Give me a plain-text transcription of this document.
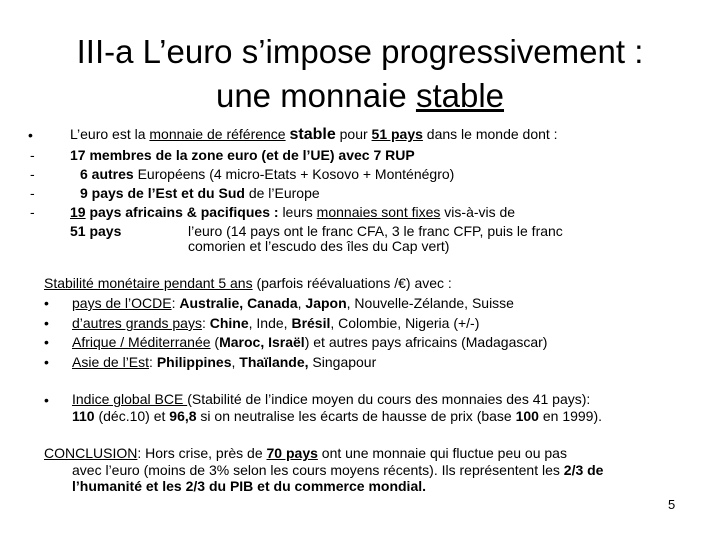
III-a L’euro s’impose progressivement :
une monnaie stable
•	L’euro est la monnaie de référence stable pour 51 pays dans le monde dont :
-	17 membres de la zone euro (et de l’UE) avec 7 RUP
-	6 autres Européens (4 micro-Etats + Kosovo + Monténégro)
-	9 pays de l’Est et du Sud de l’Europe
-	19 pays africains & pacifiques : leurs monnaies sont fixes vis-à-vis de
51 pays	l’euro (14 pays ont le franc CFA, 3 le franc CFP, puis le franc
comorien et l’escudo des îles du Cap vert)
Stabilité monétaire pendant 5 ans (parfois réévaluations /€) avec :
• pays de l’OCDE: Australie, Canada, Japon, Nouvelle-Zélande, Suisse
• d’autres grands pays: Chine, Inde, Brésil, Colombie, Nigeria (+/-)
• Afrique / Méditerranée (Maroc, Israël) et autres pays africains (Madagascar)
• Asie de l’Est: Philippines, Thaïlande, Singapour
• Indice global BCE (Stabilité de l’indice moyen du cours des monnaies des 41 pays):
110 (déc.10) et 96,8 si on neutralise les écarts de hausse de prix (base 100 en 1999).
CONCLUSION: Hors crise, près de 70 pays ont une monnaie qui fluctue peu ou pas
avec l’euro (moins de 3% selon les cours moyens récents). Ils représentent les 2/3 de
l’humanité et les 2/3 du PIB et du commerce mondial.
5
